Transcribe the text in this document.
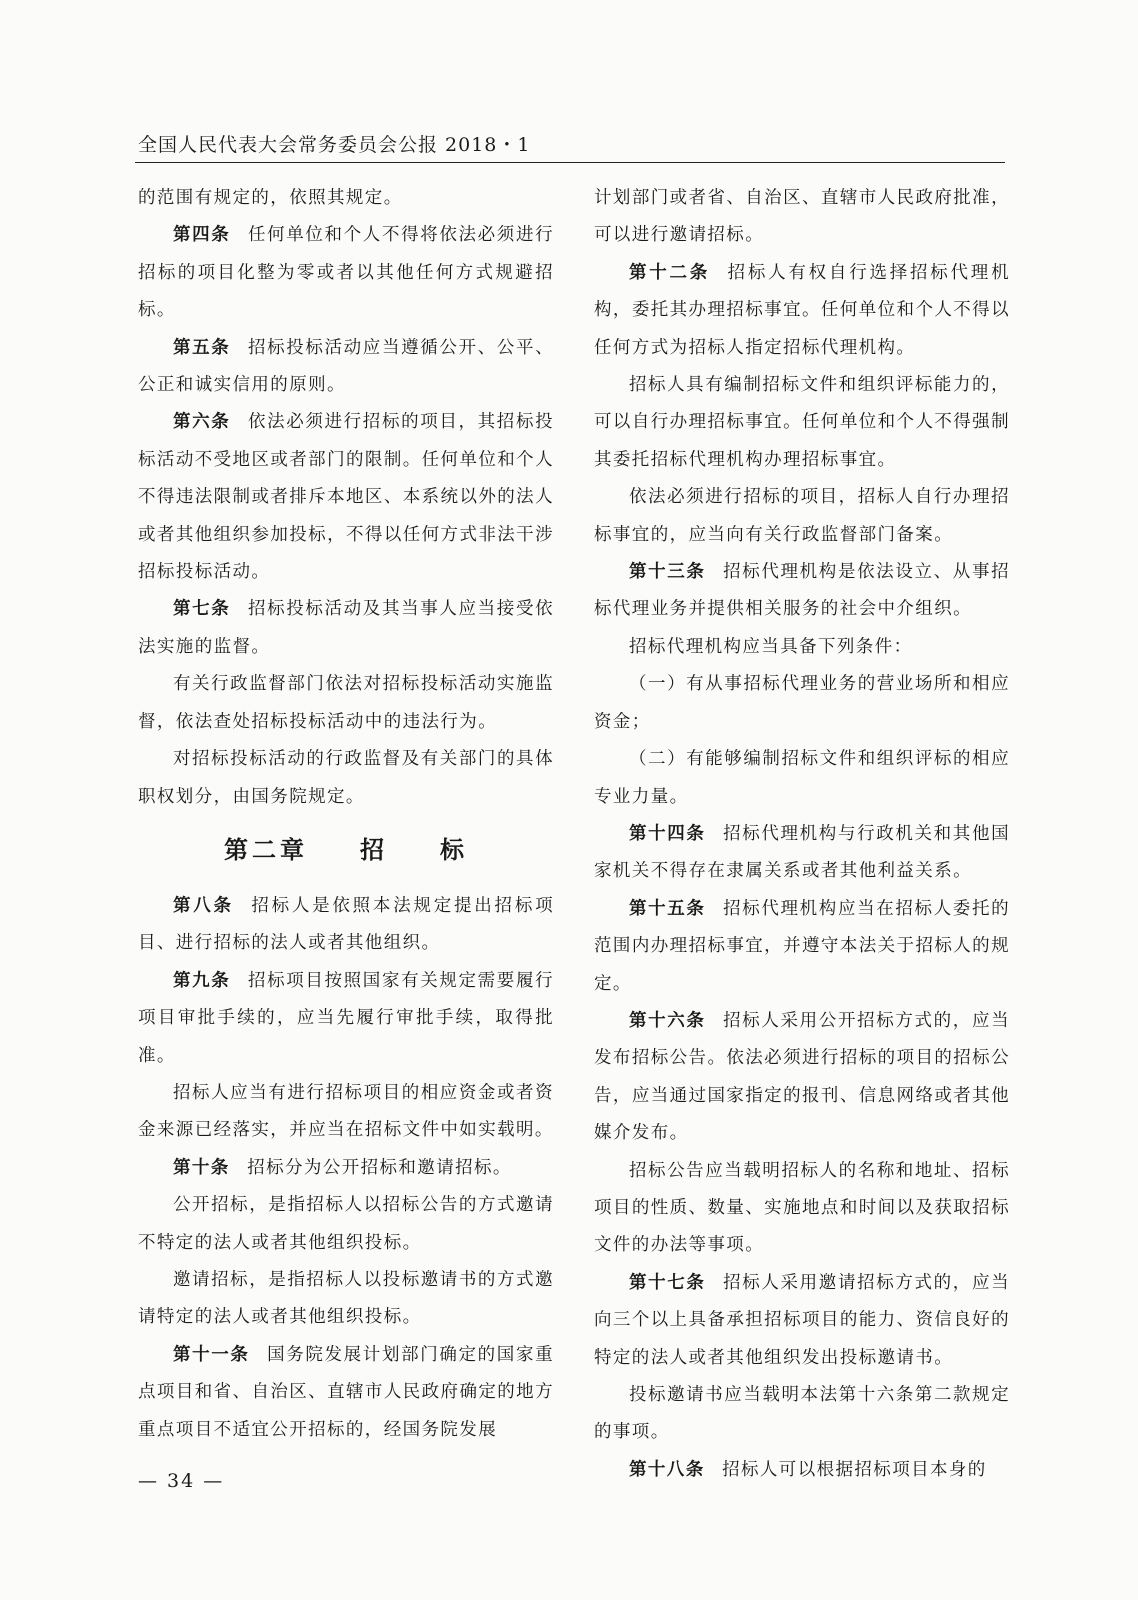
全国人民代表大会常务委员会公报 2018・1

的范围有规定的，依照其规定。

第四条 任何单位和个人不得将依法必须进行招标的项目化整为零或者以其他任何方式规避招标。

第五条 招标投标活动应当遵循公开、公平、公正和诚实信用的原则。

第六条 依法必须进行招标的项目，其招标投标活动不受地区或者部门的限制。任何单位和个人不得违法限制或者排斥本地区、本系统以外的法人或者其他组织参加投标，不得以任何方式非法干涉招标投标活动。

第七条 招标投标活动及其当事人应当接受依法实施的监督。

有关行政监督部门依法对招标投标活动实施监督，依法查处招标投标活动中的违法行为。

对招标投标活动的行政监督及有关部门的具体职权划分，由国务院规定。

第二章 招 标

第八条 招标人是依照本法规定提出招标项目、进行招标的法人或者其他组织。

第九条 招标项目按照国家有关规定需要履行项目审批手续的，应当先履行审批手续，取得批准。

招标人应当有进行招标项目的相应资金或者资金来源已经落实，并应当在招标文件中如实载明。

第十条 招标分为公开招标和邀请招标。

公开招标，是指招标人以招标公告的方式邀请不特定的法人或者其他组织投标。

邀请招标，是指招标人以投标邀请书的方式邀请特定的法人或者其他组织投标。

第十一条 国务院发展计划部门确定的国家重点项目和省、自治区、直辖市人民政府确定的地方重点项目不适宜公开招标的，经国务院发展

计划部门或者省、自治区、直辖市人民政府批准，可以进行邀请招标。

第十二条 招标人有权自行选择招标代理机构，委托其办理招标事宜。任何单位和个人不得以任何方式为招标人指定招标代理机构。

招标人具有编制招标文件和组织评标能力的，可以自行办理招标事宜。任何单位和个人不得强制其委托招标代理机构办理招标事宜。

依法必须进行招标的项目，招标人自行办理招标事宜的，应当向有关行政监督部门备案。

第十三条 招标代理机构是依法设立、从事招标代理业务并提供相关服务的社会中介组织。

招标代理机构应当具备下列条件：

（一）有从事招标代理业务的营业场所和相应资金；

（二）有能够编制招标文件和组织评标的相应专业力量。

第十四条 招标代理机构与行政机关和其他国家机关不得存在隶属关系或者其他利益关系。

第十五条 招标代理机构应当在招标人委托的范围内办理招标事宜，并遵守本法关于招标人的规定。

第十六条 招标人采用公开招标方式的，应当发布招标公告。依法必须进行招标的项目的招标公告，应当通过国家指定的报刊、信息网络或者其他媒介发布。

招标公告应当载明招标人的名称和地址、招标项目的性质、数量、实施地点和时间以及获取招标文件的办法等事项。

第十七条 招标人采用邀请招标方式的，应当向三个以上具备承担招标项目的能力、资信良好的特定的法人或者其他组织发出投标邀请书。

投标邀请书应当载明本法第十六条第二款规定的事项。

第十八条 招标人可以根据招标项目本身的

— 34 —
